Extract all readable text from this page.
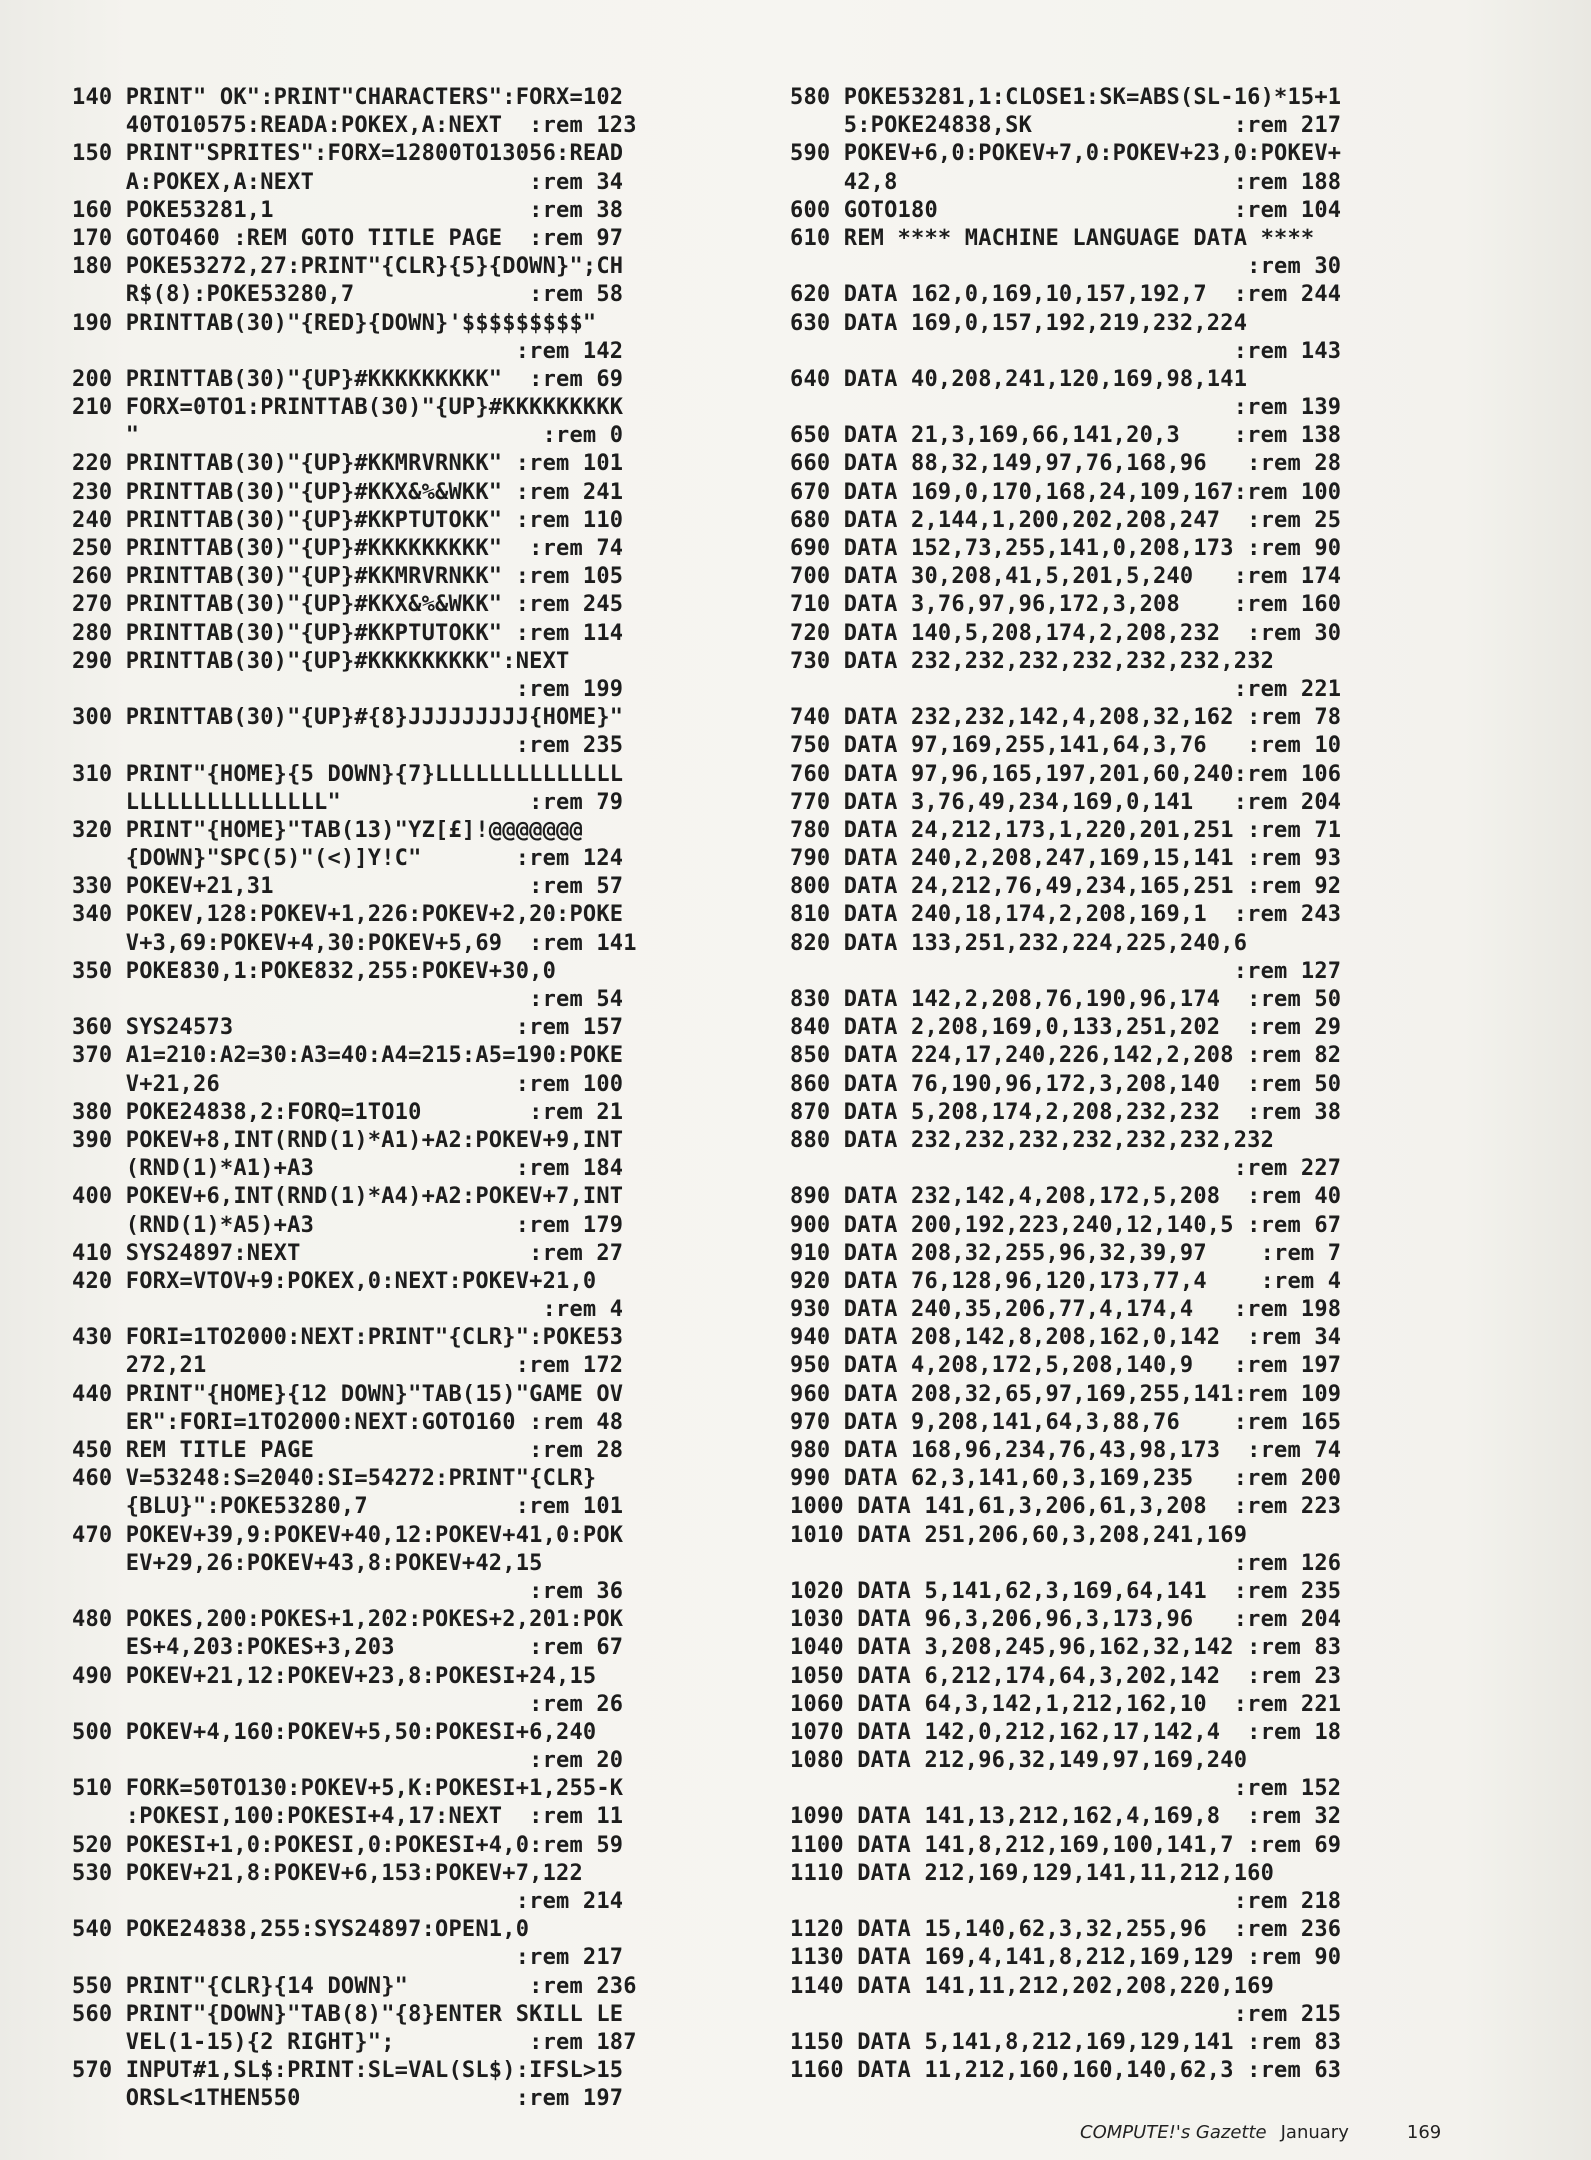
140 PRINT" OK":PRINT"CHARACTERS":FORX=102
40TO10575:READA:POKEX,A:NEXT  :rem 123
150 PRINT"SPRITES":FORX=12800TO13056:READ
A:POKEX,A:NEXT                :rem 34
160 POKE53281,1                   :rem 38
170 GOTO460 :REM GOTO TITLE PAGE  :rem 97
180 POKE53272,27:PRINT"{CLR}{5}{DOWN}";CH
R$(8):POKE53280,7             :rem 58
190 PRINTTAB(30)"{RED}{DOWN}'$$$$$$$$$"
:rem 142
200 PRINTTAB(30)"{UP}#KKKKKKKKK"  :rem 69
210 FORX=0TO1:PRINTTAB(30)"{UP}#KKKKKKKKK
"                              :rem 0
220 PRINTTAB(30)"{UP}#KKMRVRNKK" :rem 101
230 PRINTTAB(30)"{UP}#KKX&%&WKK" :rem 241
240 PRINTTAB(30)"{UP}#KKPTUTOKK" :rem 110
250 PRINTTAB(30)"{UP}#KKKKKKKKK"  :rem 74
260 PRINTTAB(30)"{UP}#KKMRVRNKK" :rem 105
270 PRINTTAB(30)"{UP}#KKX&%&WKK" :rem 245
280 PRINTTAB(30)"{UP}#KKPTUTOKK" :rem 114
290 PRINTTAB(30)"{UP}#KKKKKKKKK":NEXT
:rem 199
300 PRINTTAB(30)"{UP}#{8}JJJJJJJJJ{HOME}"
:rem 235
310 PRINT"{HOME}{5 DOWN}{7}LLLLLLLLLLLLLL
LLLLLLLLLLLLLLL"              :rem 79
320 PRINT"{HOME}"TAB(13)"YZ[£]!@@@@@@@
{DOWN}"SPC(5)"(<)]Y!C"       :rem 124
330 POKEV+21,31                   :rem 57
340 POKEV,128:POKEV+1,226:POKEV+2,20:POKE
V+3,69:POKEV+4,30:POKEV+5,69  :rem 141
350 POKE830,1:POKE832,255:POKEV+30,0
:rem 54
360 SYS24573                     :rem 157
370 A1=210:A2=30:A3=40:A4=215:A5=190:POKE
V+21,26                      :rem 100
380 POKE24838,2:FORQ=1TO10        :rem 21
390 POKEV+8,INT(RND(1)*A1)+A2:POKEV+9,INT
(RND(1)*A1)+A3               :rem 184
400 POKEV+6,INT(RND(1)*A4)+A2:POKEV+7,INT
(RND(1)*A5)+A3               :rem 179
410 SYS24897:NEXT                 :rem 27
420 FORX=VTOV+9:POKEX,0:NEXT:POKEV+21,0
:rem 4
430 FORI=1TO2000:NEXT:PRINT"{CLR}":POKE53
272,21                       :rem 172
440 PRINT"{HOME}{12 DOWN}"TAB(15)"GAME OV
ER":FORI=1TO2000:NEXT:GOTO160 :rem 48
450 REM TITLE PAGE                :rem 28
460 V=53248:S=2040:SI=54272:PRINT"{CLR}
{BLU}":POKE53280,7           :rem 101
470 POKEV+39,9:POKEV+40,12:POKEV+41,0:POK
EV+29,26:POKEV+43,8:POKEV+42,15
:rem 36
480 POKES,200:POKES+1,202:POKES+2,201:POK
ES+4,203:POKES+3,203          :rem 67
490 POKEV+21,12:POKEV+23,8:POKESI+24,15
:rem 26
500 POKEV+4,160:POKEV+5,50:POKESI+6,240
:rem 20
510 FORK=50TO130:POKEV+5,K:POKESI+1,255-K
:POKESI,100:POKESI+4,17:NEXT  :rem 11
520 POKESI+1,0:POKESI,0:POKESI+4,0:rem 59
530 POKEV+21,8:POKEV+6,153:POKEV+7,122
:rem 214
540 POKE24838,255:SYS24897:OPEN1,0
:rem 217
550 PRINT"{CLR}{14 DOWN}"         :rem 236
560 PRINT"{DOWN}"TAB(8)"{8}ENTER SKILL LE
VEL(1-15){2 RIGHT}";          :rem 187
570 INPUT#1,SL$:PRINT:SL=VAL(SL$):IFSL>15
ORSL<1THEN550                :rem 197
580 POKE53281,1:CLOSE1:SK=ABS(SL-16)*15+1
5:POKE24838,SK               :rem 217
590 POKEV+6,0:POKEV+7,0:POKEV+23,0:POKEV+
42,8                         :rem 188
600 GOTO180                      :rem 104
610 REM **** MACHINE LANGUAGE DATA ****
:rem 30
620 DATA 162,0,169,10,157,192,7  :rem 244
630 DATA 169,0,157,192,219,232,224
:rem 143
640 DATA 40,208,241,120,169,98,141
:rem 139
650 DATA 21,3,169,66,141,20,3    :rem 138
660 DATA 88,32,149,97,76,168,96   :rem 28
670 DATA 169,0,170,168,24,109,167:rem 100
680 DATA 2,144,1,200,202,208,247  :rem 25
690 DATA 152,73,255,141,0,208,173 :rem 90
700 DATA 30,208,41,5,201,5,240   :rem 174
710 DATA 3,76,97,96,172,3,208    :rem 160
720 DATA 140,5,208,174,2,208,232  :rem 30
730 DATA 232,232,232,232,232,232,232
:rem 221
740 DATA 232,232,142,4,208,32,162 :rem 78
750 DATA 97,169,255,141,64,3,76   :rem 10
760 DATA 97,96,165,197,201,60,240:rem 106
770 DATA 3,76,49,234,169,0,141   :rem 204
780 DATA 24,212,173,1,220,201,251 :rem 71
790 DATA 240,2,208,247,169,15,141 :rem 93
800 DATA 24,212,76,49,234,165,251 :rem 92
810 DATA 240,18,174,2,208,169,1  :rem 243
820 DATA 133,251,232,224,225,240,6
:rem 127
830 DATA 142,2,208,76,190,96,174  :rem 50
840 DATA 2,208,169,0,133,251,202  :rem 29
850 DATA 224,17,240,226,142,2,208 :rem 82
860 DATA 76,190,96,172,3,208,140  :rem 50
870 DATA 5,208,174,2,208,232,232  :rem 38
880 DATA 232,232,232,232,232,232,232
:rem 227
890 DATA 232,142,4,208,172,5,208  :rem 40
900 DATA 200,192,223,240,12,140,5 :rem 67
910 DATA 208,32,255,96,32,39,97    :rem 7
920 DATA 76,128,96,120,173,77,4    :rem 4
930 DATA 240,35,206,77,4,174,4   :rem 198
940 DATA 208,142,8,208,162,0,142  :rem 34
950 DATA 4,208,172,5,208,140,9   :rem 197
960 DATA 208,32,65,97,169,255,141:rem 109
970 DATA 9,208,141,64,3,88,76    :rem 165
980 DATA 168,96,234,76,43,98,173  :rem 74
990 DATA 62,3,141,60,3,169,235   :rem 200
1000 DATA 141,61,3,206,61,3,208  :rem 223
1010 DATA 251,206,60,3,208,241,169
:rem 126
1020 DATA 5,141,62,3,169,64,141  :rem 235
1030 DATA 96,3,206,96,3,173,96   :rem 204
1040 DATA 3,208,245,96,162,32,142 :rem 83
1050 DATA 6,212,174,64,3,202,142  :rem 23
1060 DATA 64,3,142,1,212,162,10  :rem 221
1070 DATA 142,0,212,162,17,142,4  :rem 18
1080 DATA 212,96,32,149,97,169,240
:rem 152
1090 DATA 141,13,212,162,4,169,8  :rem 32
1100 DATA 141,8,212,169,100,141,7 :rem 69
1110 DATA 212,169,129,141,11,212,160
:rem 218
1120 DATA 15,140,62,3,32,255,96  :rem 236
1130 DATA 169,4,141,8,212,169,129 :rem 90
1140 DATA 141,11,212,202,208,220,169
:rem 215
1150 DATA 5,141,8,212,169,129,141 :rem 83
1160 DATA 11,212,160,160,140,62,3 :rem 63
COMPUTE!'s Gazette January	169
